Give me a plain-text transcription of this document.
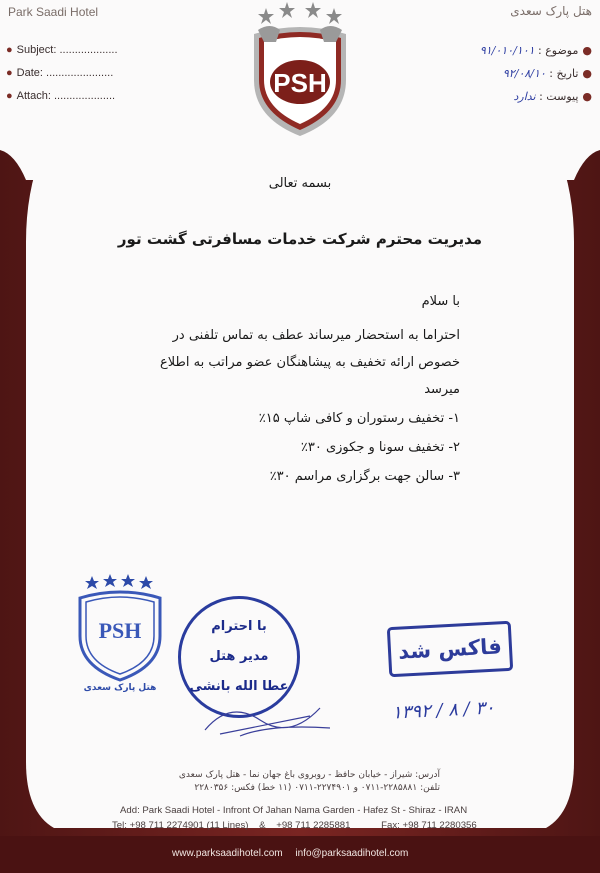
Park Saadi Hotel
● Subject: ...................
● Date: ......................
● Attach: ....................
هتل پارک سعدی
●موضوع : ۹۱/۰۱۰/۱۰۱
●تاریخ : ۹۲/۰۸/۱۰
●پیوست : ندارد
PSH
بسمه تعالی
مدیریت محترم شرکت خدمات مسافرتی گشت تور
با سلام
احتراما به استحضار میرساند عطف به تماس تلفنی در خصوص ارائه تخفیف به پیشاهنگان عضو مراتب به اطلاع میرسد
۱- تخفیف رستوران و کافی شاپ ۱۵٪
۲- تخفیف سونا و جکوزی ۳۰٪
۳- سالن جهت برگزاری مراسم ۳۰٪
PSH
هتل پارک سعدی
با احترام
مدیر هتل
عطا الله بانشی
فاکس شد
۱۳۹۲ / ۸ / ۳۰
آدرس: شیراز - خیابان حافظ - روبروی باغ جهان نما - هتل پارک سعدی
تلفن: ۲۲۸۵۸۸۱-۰۷۱۱ و ۲۲۷۴۹۰۱-۰۷۱۱ (۱۱ خط) فکس: ۲۲۸۰۳۵۶
Add: Park Saadi Hotel - Infront Of Jahan Nama Garden - Hafez St - Shiraz - IRAN
Tel: +98 711 2274901 (11 Lines) & +98 711 2285881	Fax: +98 711 2280356
www.parksaadihotel.com info@parksaadihotel.com
